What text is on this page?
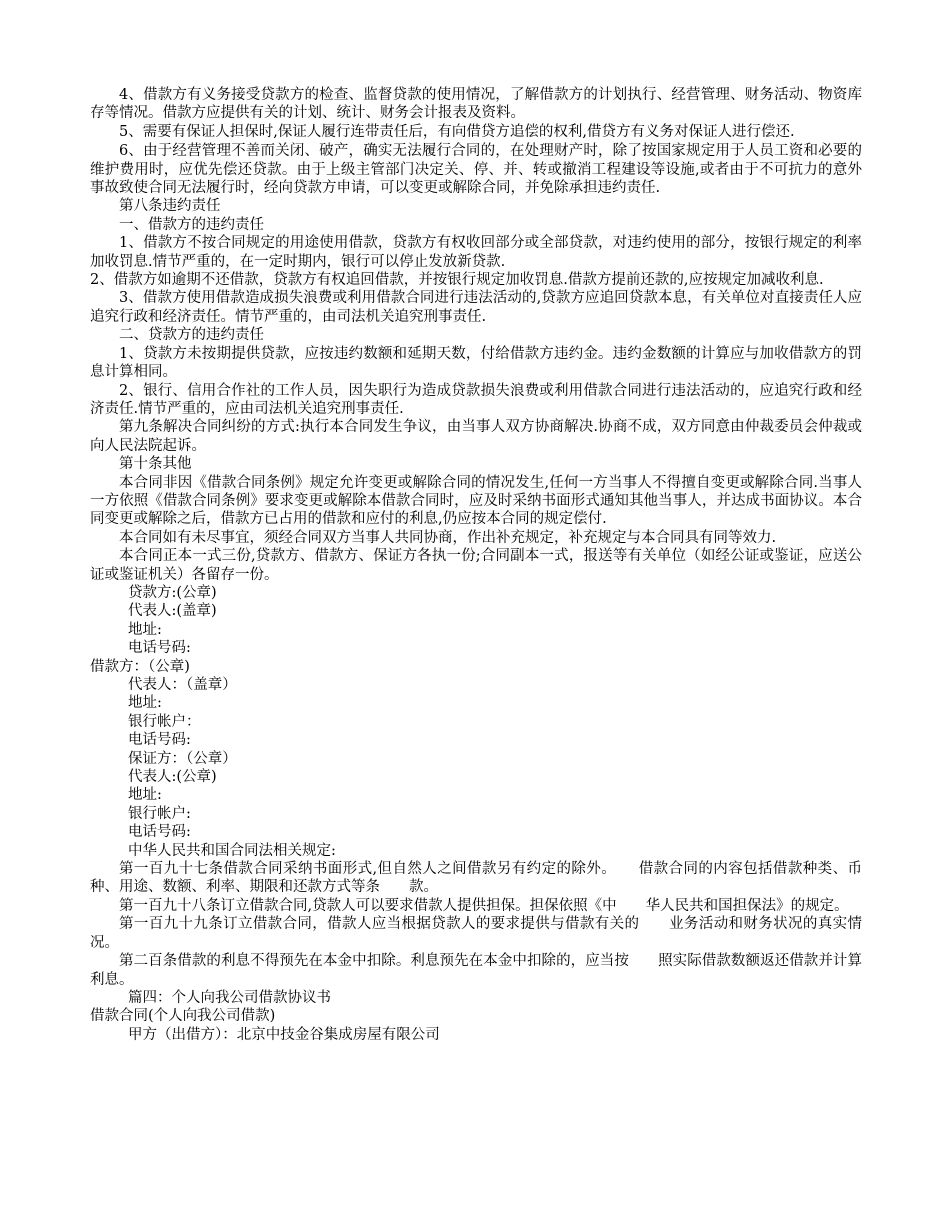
4、借款方有义务接受贷款方的检查、监督贷款的使用情况，了解借款方的计划执行、经营管理、财务活动、物资库存等情况。借款方应提供有关的计划、统计、财务会计报表及资料。

5、需要有保证人担保时,保证人履行连带责任后，有向借贷方追偿的权利,借贷方有义务对保证人进行偿还.

6、由于经营管理不善而关闭、破产，确实无法履行合同的，在处理财产时，除了按国家规定用于人员工资和必要的维护费用时，应优先偿还贷款。由于上级主管部门决定关、停、并、转或撤消工程建设等设施,或者由于不可抗力的意外事故致使合同无法履行时，经向贷款方申请，可以变更或解除合同，并免除承担违约责任.

第八条违约责任

一、借款方的违约责任

1、借款方不按合同规定的用途使用借款，贷款方有权收回部分或全部贷款，对违约使用的部分，按银行规定的利率加收罚息.情节严重的，在一定时期内，银行可以停止发放新贷款.

2、借款方如逾期不还借款，贷款方有权追回借款，并按银行规定加收罚息.借款方提前还款的,应按规定加减收利息.

3、借款方使用借款造成损失浪费或利用借款合同进行违法活动的,贷款方应追回贷款本息，有关单位对直接责任人应追究行政和经济责任。情节严重的，由司法机关追究刑事责任.

二、贷款方的违约责任

1、贷款方未按期提供贷款，应按违约数额和延期天数，付给借款方违约金。违约金数额的计算应与加收借款方的罚息计算相同。

2、银行、信用合作社的工作人员，因失职行为造成贷款损失浪费或利用借款合同进行违法活动的，应追究行政和经济责任.情节严重的，应由司法机关追究刑事责任.

第九条解决合同纠纷的方式:执行本合同发生争议，由当事人双方协商解决.协商不成，双方同意由仲裁委员会仲裁或向人民法院起诉。

第十条其他

本合同非因《借款合同条例》规定允许变更或解除合同的情况发生,任何一方当事人不得擅自变更或解除合同.当事人一方依照《借款合同条例》要求变更或解除本借款合同时，应及时采纳书面形式通知其他当事人，并达成书面协议。本合同变更或解除之后，借款方已占用的借款和应付的利息,仍应按本合同的规定偿付.

本合同如有未尽事宜，须经合同双方当事人共同协商，作出补充规定，补充规定与本合同具有同等效力.

本合同正本一式三份,贷款方、借款方、保证方各执一份;合同副本一式，报送等有关单位（如经公证或鉴证，应送公证或鉴证机关）各留存一份。

贷款方:(公章)

代表人:(盖章)

地址:

电话号码:

借款方：（公章)

代表人：（盖章）

地址:

银行帐户：

电话号码:

保证方：（公章）

代表人:(公章)

地址:

银行帐户:

电话号码:

中华人民共和国合同法相关规定:

第一百九十七条借款合同采纳书面形式,但自然人之间借款另有约定的除外。　　借款合同的内容包括借款种类、币种、用途、数额、利率、期限和还款方式等条　　款。

第一百九十八条订立借款合同,贷款人可以要求借款人提供担保。担保依照《中　　华人民共和国担保法》的规定。

第一百九十九条订立借款合同，借款人应当根据贷款人的要求提供与借款有关的　　业务活动和财务状况的真实情况。

第二百条借款的利息不得预先在本金中扣除。利息预先在本金中扣除的，应当按　　照实际借款数额返还借款并计算利息。

篇四：个人向我公司借款协议书

借款合同(个人向我公司借款)

甲方（出借方）：北京中技金谷集成房屋有限公司
